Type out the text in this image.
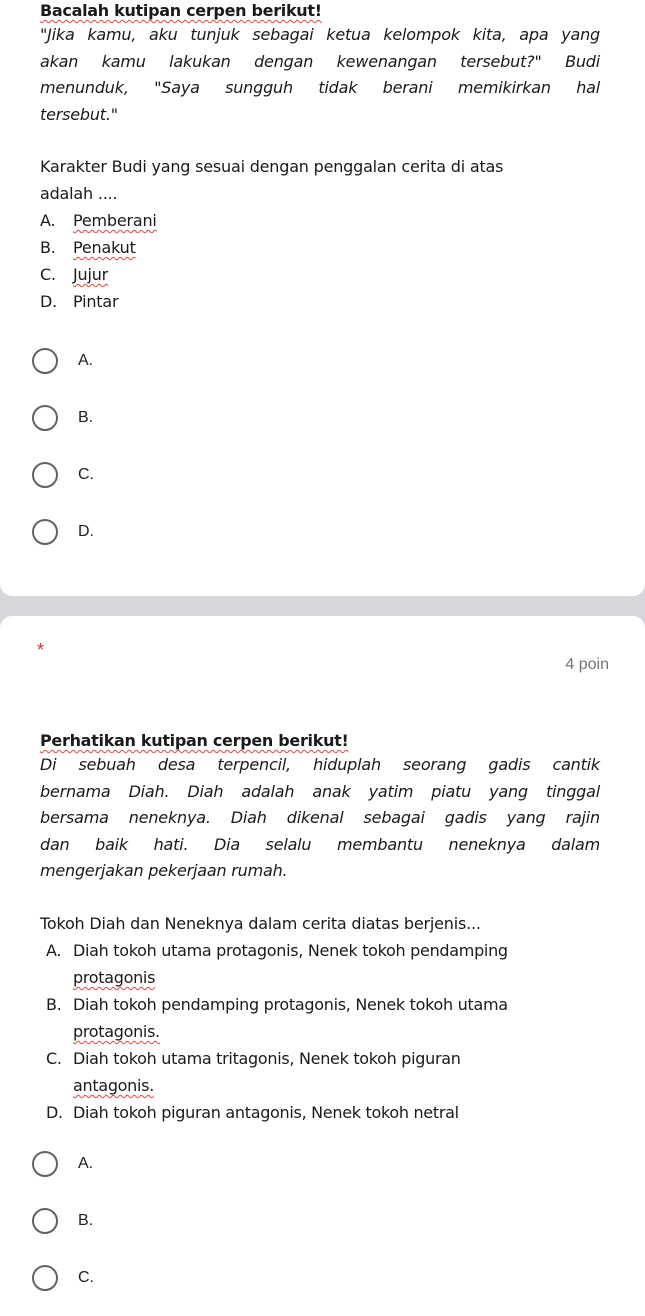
Bacalah kutipan cerpen berikut!
"Jika kamu, aku tunjuk sebagai ketua kelompok kita, apa yang
akan kamu lakukan dengan kewenangan tersebut?" Budi
menunduk, "Saya sungguh tidak berani memikirkan hal
tersebut."
Karakter Budi yang sesuai dengan penggalan cerita di atas
adalah ....
A.	Pemberani
B.	Penakut
C.	Jujur
D. Pintar
A.
B.
C.
D.
*
4 poin
Perhatikan kutipan cerpen berikut!
Di sebuah desa terpencil, hiduplah seorang gadis cantik
bernama Diah. Diah adalah anak yatim piatu yang tinggal
bersama neneknya. Diah dikenal sebagai gadis yang rajin
dan baik hati. Dia selalu membantu neneknya dalam
mengerjakan pekerjaan rumah.
Tokoh Diah dan Neneknya dalam cerita diatas berjenis...
A. Diah tokoh utama protagonis, Nenek tokoh pendamping
protagonis
B. Diah tokoh pendamping protagonis, Nenek tokoh utama
protagonis.
C. Diah tokoh utama tritagonis, Nenek tokoh piguran
antagonis.
D. Diah tokoh piguran antagonis, Nenek tokoh netral
A.
B.
C.
